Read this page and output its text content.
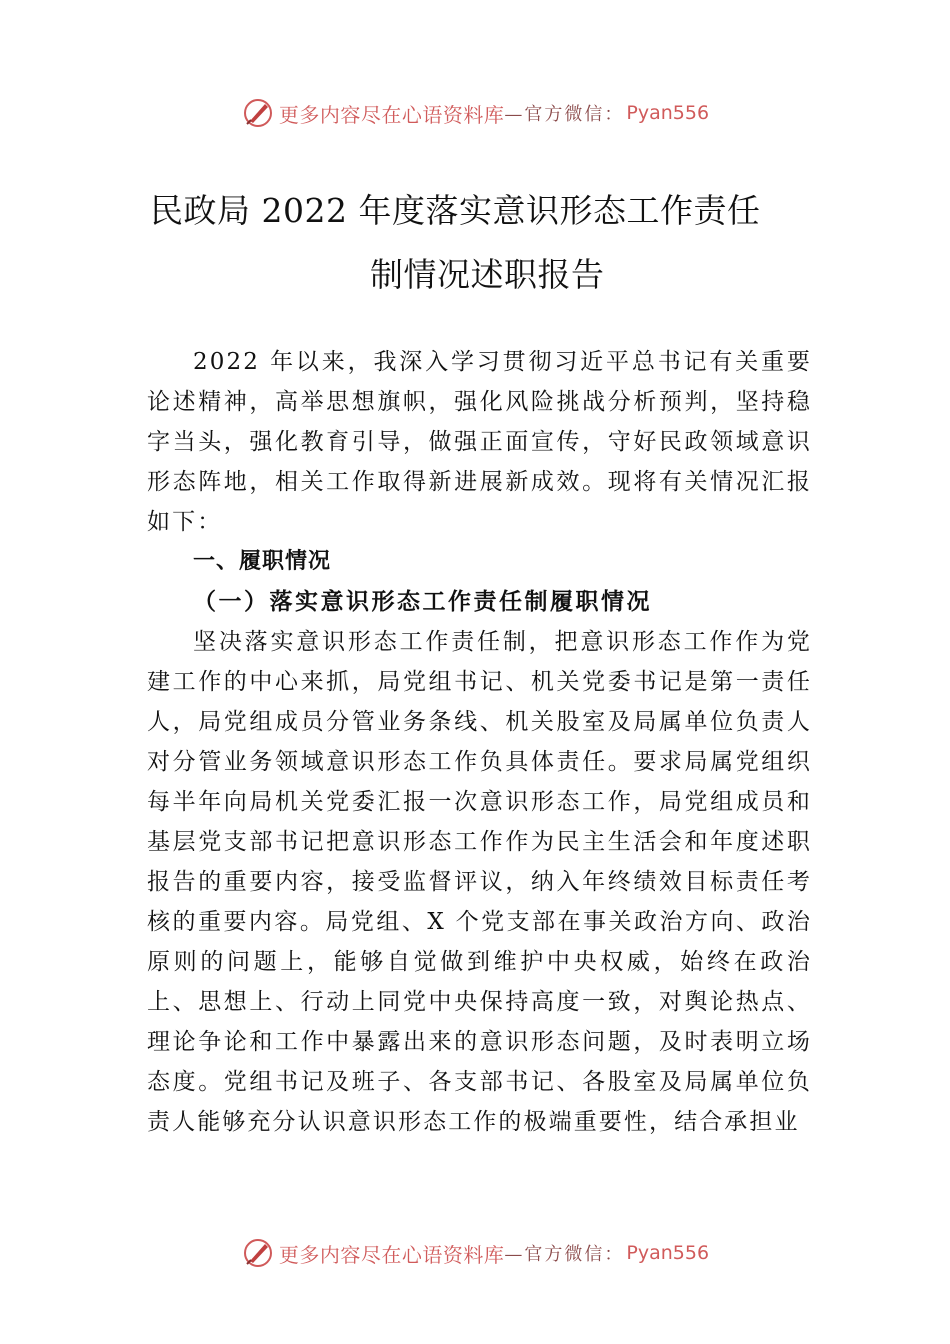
更多内容尽在心语资料库 —官方微信： Pyan556
民政局 2022 年度落实意识形态工作责任
制情况述职报告

2022 年以来，我深入学习贯彻习近平总书记有关重要论述精神，高举思想旗帜，强化风险挑战分析预判，坚持稳字当头，强化教育引导，做强正面宣传，守好民政领域意识形态阵地，相关工作取得新进展新成效。现将有关情况汇报如下：

一、履职情况

（一）落实意识形态工作责任制履职情况

坚决落实意识形态工作责任制，把意识形态工作作为党建工作的中心来抓，局党组书记、机关党委书记是第一责任人，局党组成员分管业务条线、机关股室及局属单位负责人对分管业务领域意识形态工作负具体责任。要求局属党组织每半年向局机关党委汇报一次意识形态工作，局党组成员和基层党支部书记把意识形态工作作为民主生活会和年度述职报告的重要内容，接受监督评议，纳入年终绩效目标责任考核的重要内容。局党组、X 个党支部在事关政治方向、政治原则的问题上，能够自觉做到维护中央权威，始终在政治上、思想上、行动上同党中央保持高度一致，对舆论热点、 理论争论和工作中暴露出来的意识形态问题，及时表明立场态度。党组书记及班子、各支部书记、各股室及局属单位负责人能够充分认识意识形态工作的极端重要性，结合承担业

更多内容尽在心语资料库 —官方微信： Pyan556
